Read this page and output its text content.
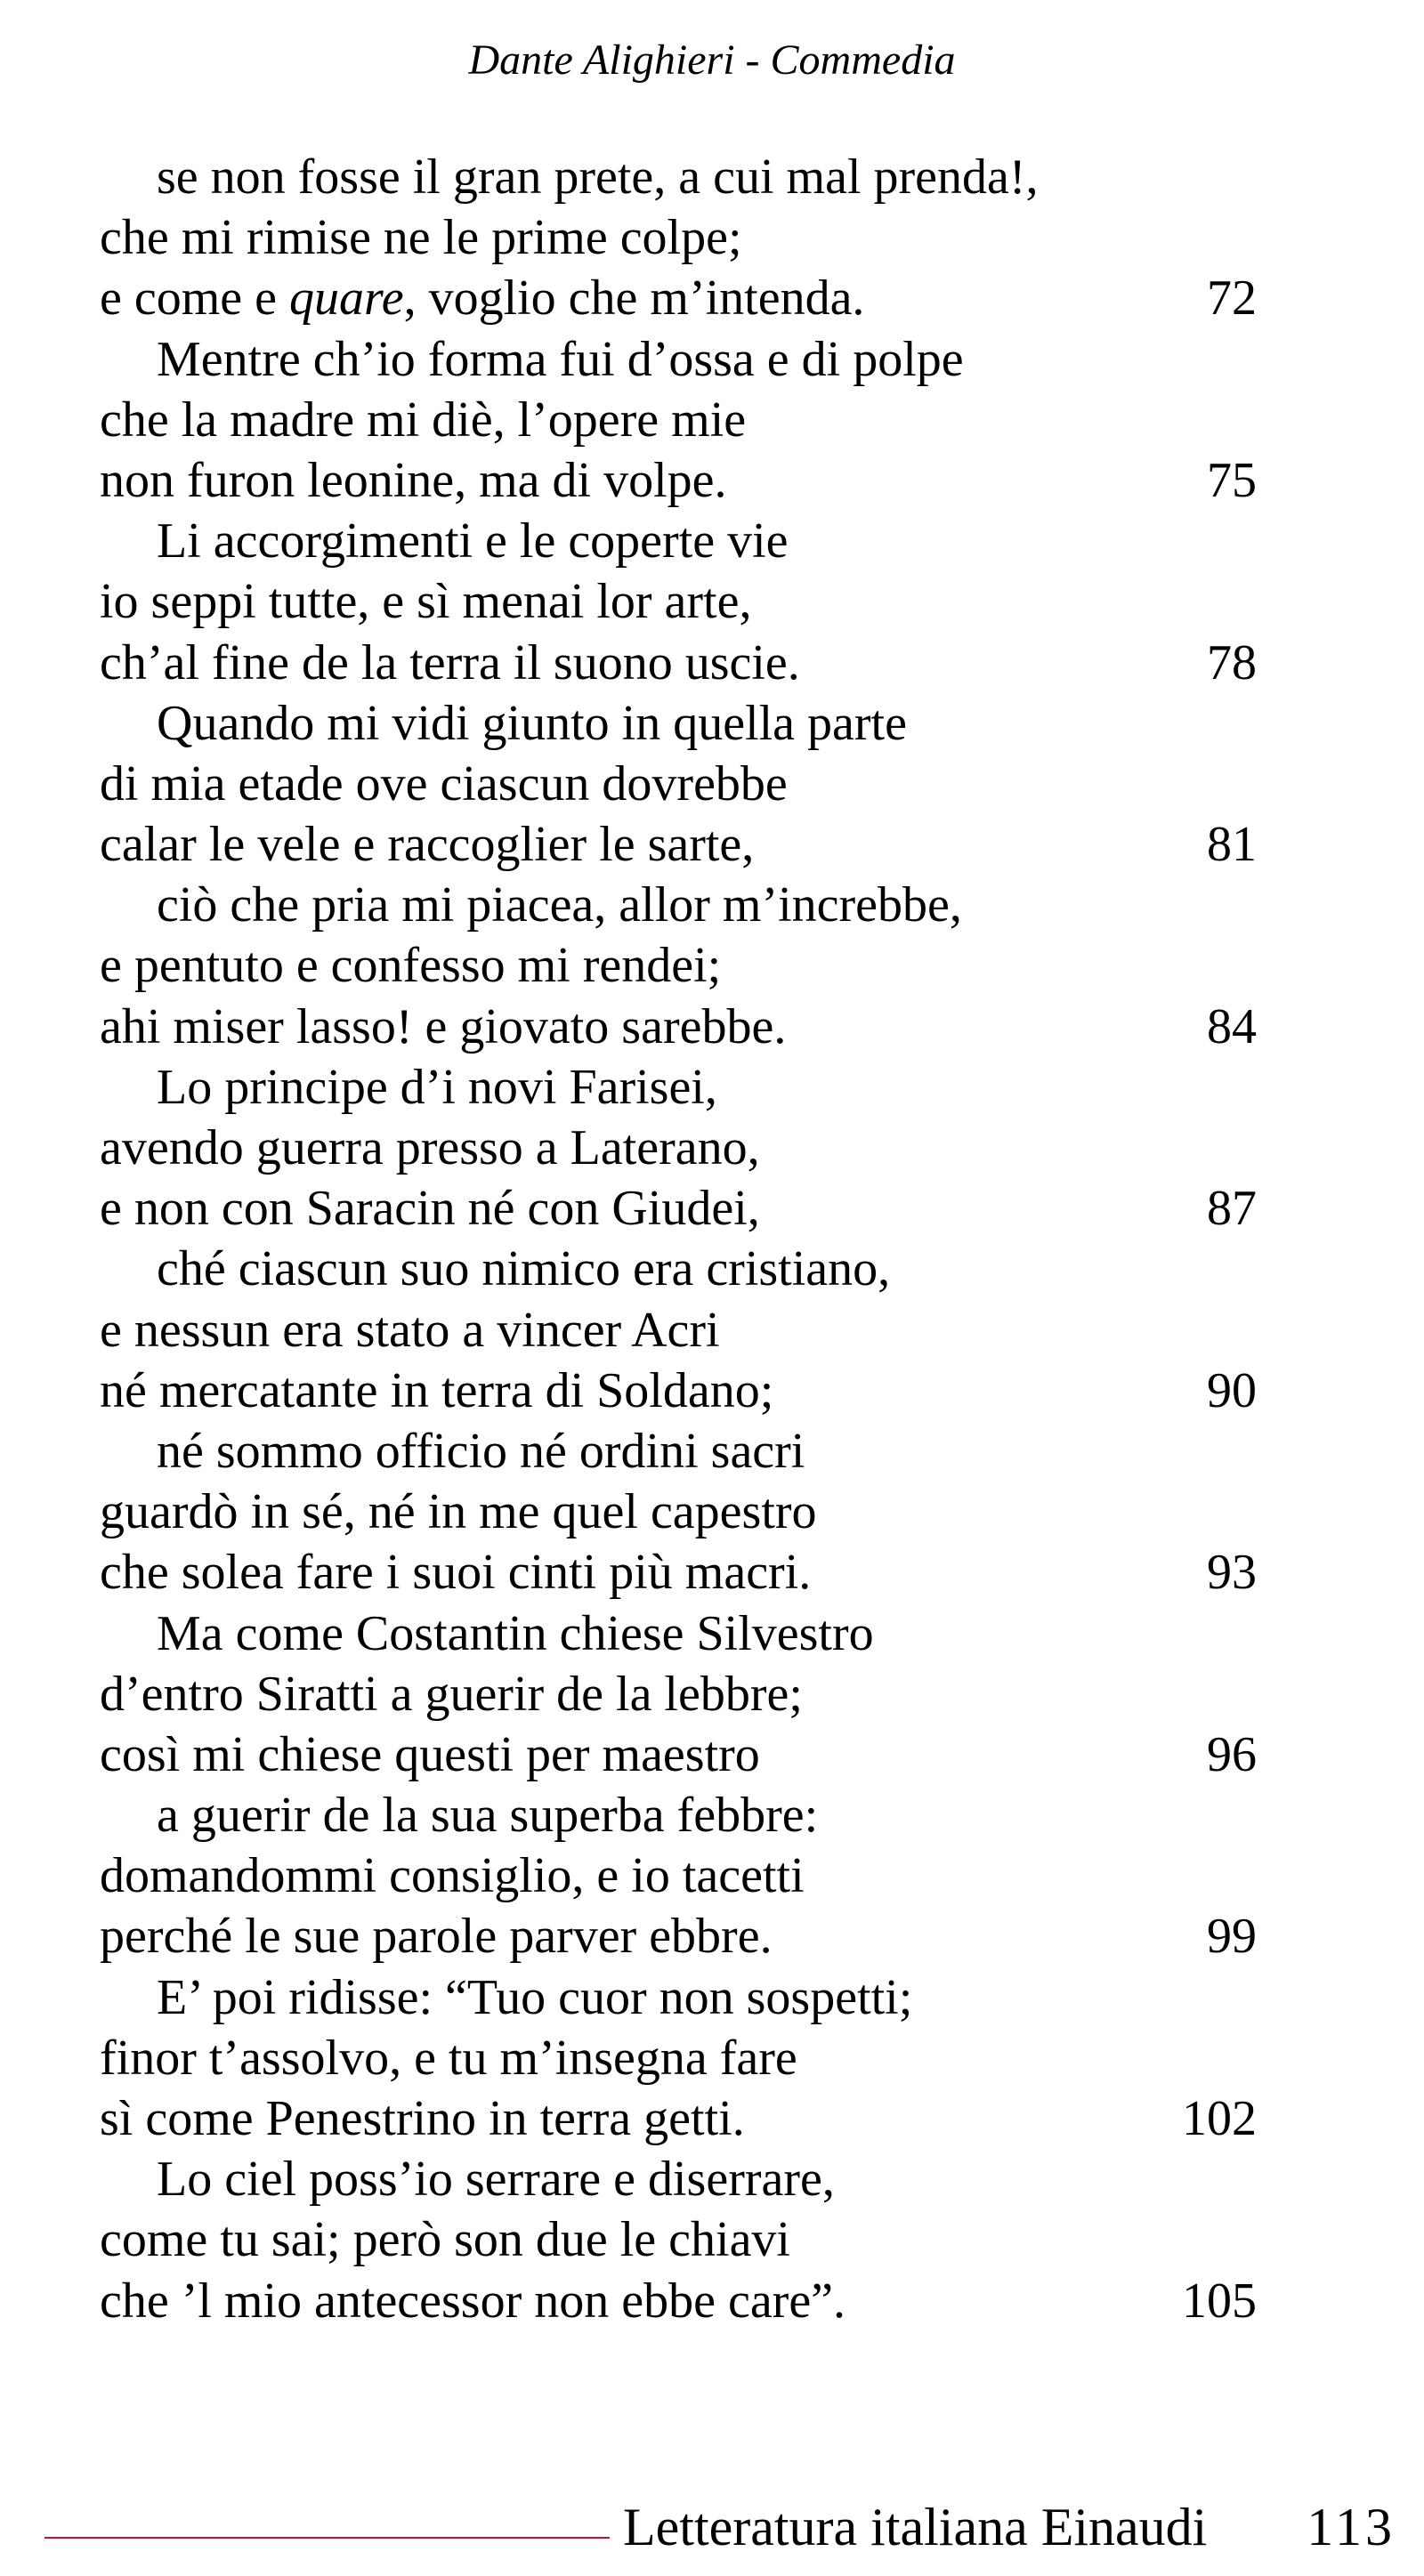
Dante Alighieri - Commedia
se non fosse il gran prete, a cui mal prenda!,
che mi rimise ne le prime colpe;
e come e quare, voglio che m’intenda.	72
Mentre ch’io forma fui d’ossa e di polpe
che la madre mi diè, l’opere mie
non furon leonine, ma di volpe.	75
Li accorgimenti e le coperte vie
io seppi tutte, e sì menai lor arte,
ch’al fine de la terra il suono uscie.	78
Quando mi vidi giunto in quella parte
di mia etade ove ciascun dovrebbe
calar le vele e raccoglier le sarte,	81
ciò che pria mi piacea, allor m’increbbe,
e pentuto e confesso mi rendei;
ahi miser lasso! e giovato sarebbe.	84
Lo principe d’i novi Farisei,
avendo guerra presso a Laterano,
e non con Saracin né con Giudei,	87
ché ciascun suo nimico era cristiano,
e nessun era stato a vincer Acri
né mercatante in terra di Soldano;	90
né sommo officio né ordini sacri
guardò in sé, né in me quel capestro
che solea fare i suoi cinti più macri.	93
Ma come Costantin chiese Silvestro
d’entro Siratti a guerir de la lebbre;
così mi chiese questi per maestro	96
a guerir de la sua superba febbre:
domandommi consiglio, e io tacetti
perché le sue parole parver ebbre.	99
E’ poi ridisse: “Tuo cuor non sospetti;
finor t’assolvo, e tu m’insegna fare
sì come Penestrino in terra getti.	102
Lo ciel poss’io serrare e diserrare,
come tu sai; però son due le chiavi
che ’l mio antecessor non ebbe care”.	105
Letteratura italiana Einaudi 113
